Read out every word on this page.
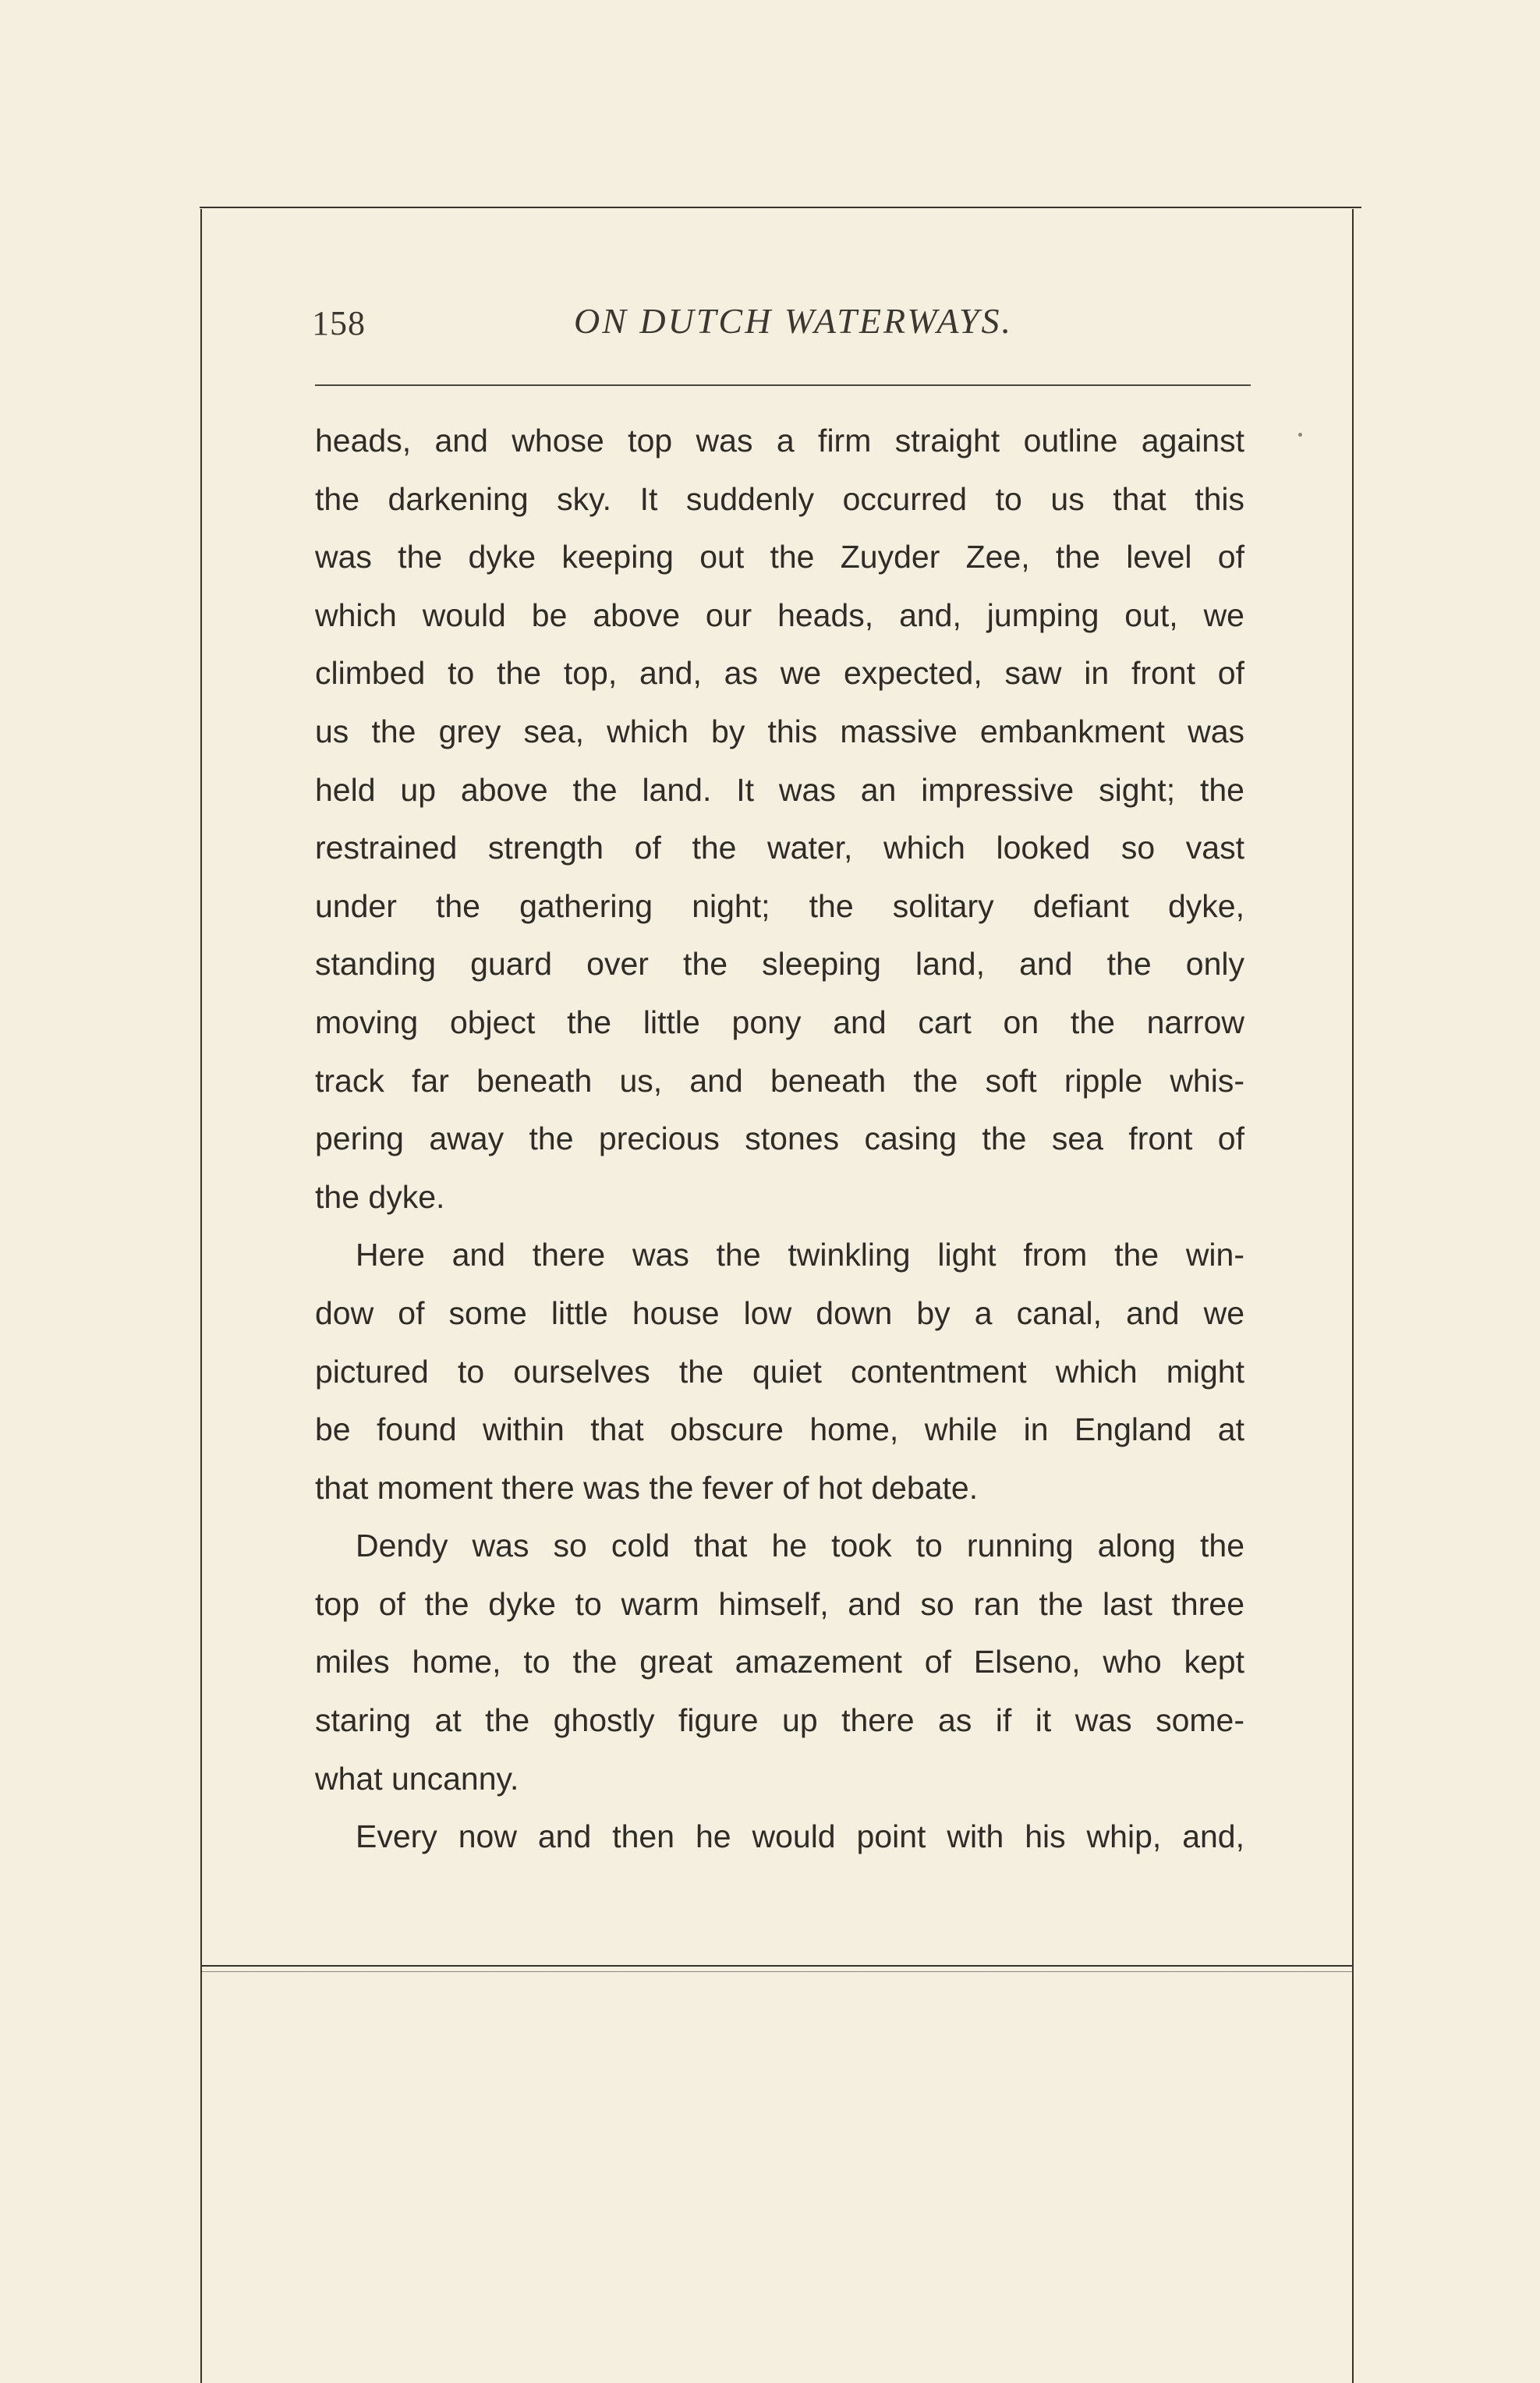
158	ON DUTCH WATERWAYS.
heads, and whose top was a firm straight outline against
the darkening sky. It suddenly occurred to us that this
was the dyke keeping out the Zuyder Zee, the level of
which would be above our heads, and, jumping out, we
climbed to the top, and, as we expected, saw in front of
us the grey sea, which by this massive embankment was
held up above the land. It was an impressive sight; the
restrained strength of the water, which looked so vast
under the gathering night; the solitary defiant dyke,
standing guard over the sleeping land, and the only
moving object the little pony and cart on the narrow
track far beneath us, and beneath the soft ripple whis-
pering away the precious stones casing the sea front of
the dyke.
Here and there was the twinkling light from the win-
dow of some little house low down by a canal, and we
pictured to ourselves the quiet contentment which might
be found within that obscure home, while in England at
that moment there was the fever of hot debate.
Dendy was so cold that he took to running along the
top of the dyke to warm himself, and so ran the last three
miles home, to the great amazement of Elseno, who kept
staring at the ghostly figure up there as if it was some-
what uncanny.
Every now and then he would point with his whip, and,
